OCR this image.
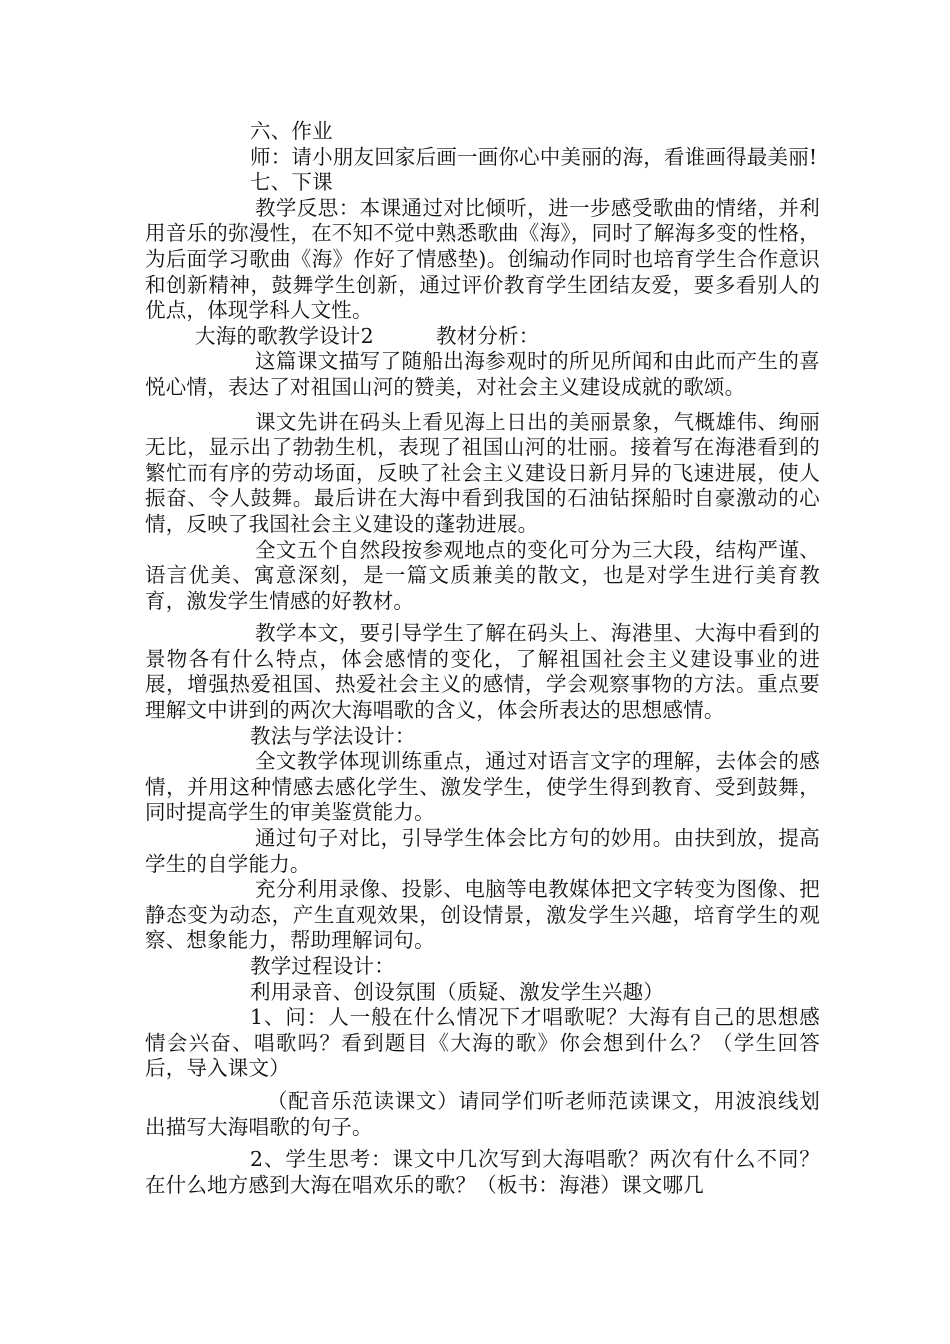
六、作业

师：请小朋友回家后画一画你心中美丽的海，看谁画得最美丽!

七、下课

教学反思：本课通过对比倾听，进一步感受歌曲的情绪，并利用音乐的弥漫性，在不知不觉中熟悉歌曲《海》，同时了解海多变的性格，为后面学习歌曲《海》作好了情感垫)。创编动作同时也培育学生合作意识和创新精神，鼓舞学生创新，通过评价教育学生团结友爱，要多看别人的优点，体现学科人文性。

大海的歌教学设计2　　　教材分析：

这篇课文描写了随船出海参观时的所见所闻和由此而产生的喜悦心情，表达了对祖国山河的赞美，对社会主义建设成就的歌颂。

课文先讲在码头上看见海上日出的美丽景象，气概雄伟、绚丽无比，显示出了勃勃生机，表现了祖国山河的壮丽。接着写在海港看到的繁忙而有序的劳动场面，反映了社会主义建设日新月异的飞速进展，使人振奋、令人鼓舞。最后讲在大海中看到我国的石油钻探船时自豪激动的心情，反映了我国社会主义建设的蓬勃进展。

全文五个自然段按参观地点的变化可分为三大段，结构严谨、语言优美、寓意深刻，是一篇文质兼美的散文，也是对学生进行美育教育，激发学生情感的好教材。

教学本文，要引导学生了解在码头上、海港里、大海中看到的景物各有什么特点，体会感情的变化，了解祖国社会主义建设事业的进展，增强热爱祖国、热爱社会主义的感情，学会观察事物的方法。重点要理解文中讲到的两次大海唱歌的含义，体会所表达的思想感情。

教法与学法设计：

全文教学体现训练重点，通过对语言文字的理解，去体会的感情，并用这种情感去感化学生、激发学生，使学生得到教育、受到鼓舞，同时提高学生的审美鉴赏能力。

通过句子对比，引导学生体会比方句的妙用。由扶到放，提高学生的自学能力。

充分利用录像、投影、电脑等电教媒体把文字转变为图像、把静态变为动态，产生直观效果，创设情景，激发学生兴趣，培育学生的观察、想象能力，帮助理解词句。

教学过程设计：

利用录音、创设氛围（质疑、激发学生兴趣）

1、问：人一般在什么情况下才唱歌呢？大海有自己的思想感情会兴奋、唱歌吗？看到题目《大海的歌》你会想到什么？（学生回答后，导入课文）

（配音乐范读课文）请同学们听老师范读课文，用波浪线划出描写大海唱歌的句子。

2、学生思考：课文中几次写到大海唱歌？两次有什么不同？在什么地方感到大海在唱欢乐的歌？（板书：海港）课文哪几
